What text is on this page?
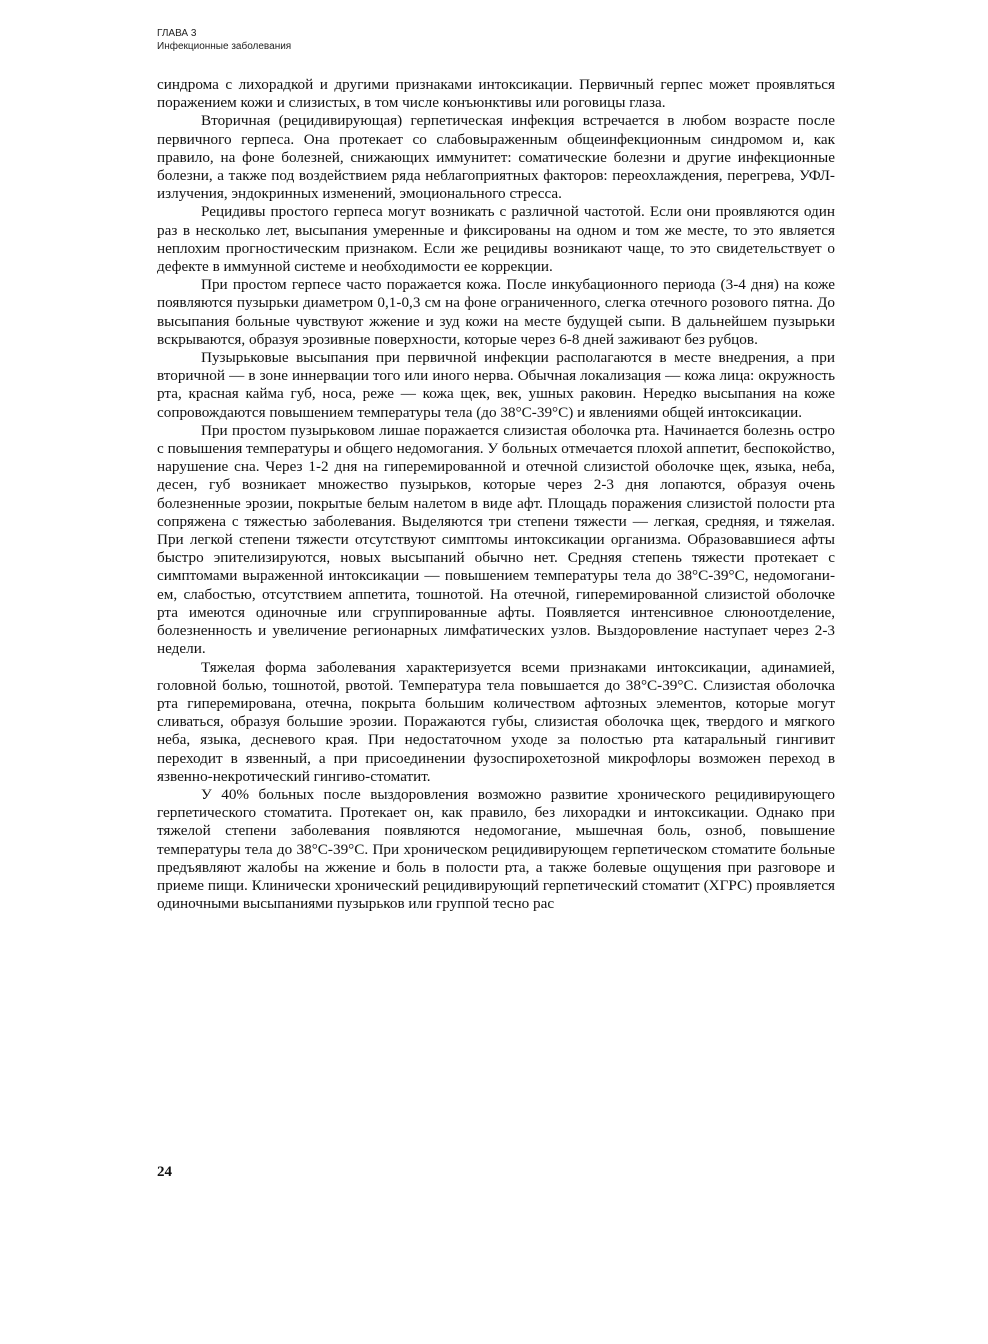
ГЛАВА 3
Инфекционные заболевания

синдрома с лихорадкой и другими признаками интоксикации. Первичный герпес может проявляться поражением кожи и слизистых, в том числе конъюнктивы или роговицы глаза.

Вторичная (рецидивирующая) герпетическая инфекция встречается в любом возрасте после первичного герпеса. Она протекает со слабовыраженным общеинфекционным синдромом и, как правило, на фоне болезней, снижающих иммунитет: соматические болезни и другие инфекционные болезни, а также под воздействием ряда неблагоприятных факторов: переохлаждения, перегрева, УФЛ-излучения, эндокринных изменений, эмоционального стресса.

Рецидивы простого герпеса могут возникать с различной частотой. Если они проявляются один раз в несколько лет, высыпания умеренные и фиксированы на одном и том же месте, то это является неплохим прогностическим признаком. Если же рецидивы возникают чаще, то это свидетельствует о дефекте в иммунной системе и необходимости ее коррекции.

При простом герпесе часто поражается кожа. После инкубационного периода (3-4 дня) на коже появляются пузырьки диаметром 0,1-0,3 см на фоне ограниченного, слегка отечного розового пятна. До высыпания больные чувствуют жжение и зуд кожи на месте будущей сыпи. В дальнейшем пузырьки вскрываются, образуя эрозивные поверхности, которые через 6-8 дней заживают без рубцов.

Пузырьковые высыпания при первичной инфекции располагаются в месте внедрения, а при вторичной — в зоне иннервации того или иного нерва. Обычная локализация — кожа лица: окружность рта, красная кайма губ, носа, реже — кожа щек, век, ушных раковин. Нередко высыпания на коже сопровождаются повышением температуры тела (до 38°С-39°С) и явлениями общей интоксикации.

При простом пузырьковом лишае поражается слизистая оболочка рта. Начинается болезнь остро с повышения температуры и общего недомогания. У больных отмечается плохой аппетит, беспокойство, нарушение сна. Через 1-2 дня на гиперемированной и отечной слизистой оболочке щек, языка, неба, десен, губ возникает множество пузырьков, которые через 2-3 дня лопаются, образуя очень болезненные эрозии, покрытые белым налетом в виде афт. Площадь поражения слизистой полости рта сопряжена с тяжестью заболевания. Выделяются три степени тяжести — легкая, средняя, и тяжелая. При легкой степени тяжести отсутствуют симптомы интоксикации организма. Образовавшиеся афты быстро эпителизируются, новых высыпаний обычно нет. Средняя степень тяжести протекает с симптомами выраженной интоксикации — повышением температуры тела до 38°С-39°С, недомоганием, слабостью, отсутствием аппетита, тошнотой. На отечной, гиперемированной слизистой оболочке рта имеются одиночные или сгруппированные афты. Появляется интенсивное слюноотделение, болезненность и увеличение регионарных лимфатических узлов. Выздоровление наступает через 2-3 недели.

Тяжелая форма заболевания характеризуется всеми признаками интоксикации, адинамией, головной болью, тошнотой, рвотой. Температура тела повышается до 38°С-39°С. Слизистая оболочка рта гиперемирована, отечна, покрыта большим количеством афтозных элементов, которые могут сливаться, образуя большие эрозии. Поражаются губы, слизистая оболочка щек, твердого и мягкого неба, языка, десневого края. При недостаточном уходе за полостью рта катаральный гингивит переходит в язвенный, а при присоединении фузоспирохетозной микрофлоры возможен переход в язвенно-некротический гингиво-стоматит.

У 40% больных после выздоровления возможно развитие хронического рецидивирующего герпетического стоматита. Протекает он, как правило, без лихорадки и интоксикации. Однако при тяжелой степени заболевания появляются недомогание, мышечная боль, озноб, повышение температуры тела до 38°С-39°С. При хроническом рецидивирующем герпетическом стоматите больные предъявляют жалобы на жжение и боль в полости рта, а также болевые ощущения при разговоре и приеме пищи. Клинически хронический рецидивирующий герпетический стоматит (ХГРС) проявляется одиночными высыпаниями пузырьков или группой тесно рас

24
